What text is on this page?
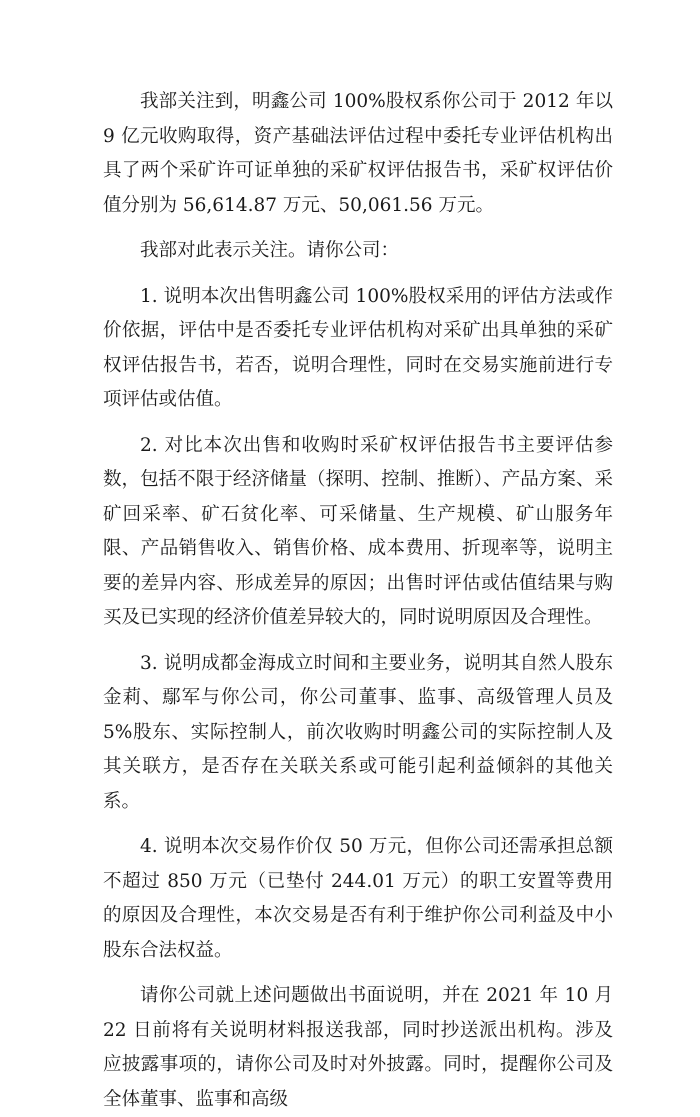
我部关注到，明鑫公司 100%股权系你公司于 2012 年以 9 亿元收购取得，资产基础法评估过程中委托专业评估机构出具了两个采矿许可证单独的采矿权评估报告书，采矿权评估价值分别为 56,614.87 万元、50,061.56 万元。

我部对此表示关注。请你公司：

1. 说明本次出售明鑫公司 100%股权采用的评估方法或作价依据，评估中是否委托专业评估机构对采矿出具单独的采矿权评估报告书，若否，说明合理性，同时在交易实施前进行专项评估或估值。

2. 对比本次出售和收购时采矿权评估报告书主要评估参数，包括不限于经济储量（探明、控制、推断）、产品方案、采矿回采率、矿石贫化率、可采储量、生产规模、矿山服务年限、产品销售收入、销售价格、成本费用、折现率等，说明主要的差异内容、形成差异的原因；出售时评估或估值结果与购买及已实现的经济价值差异较大的，同时说明原因及合理性。

3. 说明成都金海成立时间和主要业务，说明其自然人股东金莉、鄢军与你公司，你公司董事、监事、高级管理人员及 5%股东、实际控制人，前次收购时明鑫公司的实际控制人及其关联方，是否存在关联关系或可能引起利益倾斜的其他关系。

4. 说明本次交易作价仅 50 万元，但你公司还需承担总额不超过 850 万元（已垫付 244.01 万元）的职工安置等费用的原因及合理性，本次交易是否有利于维护你公司利益及中小股东合法权益。

请你公司就上述问题做出书面说明，并在 2021 年 10 月 22 日前将有关说明材料报送我部，同时抄送派出机构。涉及应披露事项的，请你公司及时对外披露。同时，提醒你公司及全体董事、监事和高级
